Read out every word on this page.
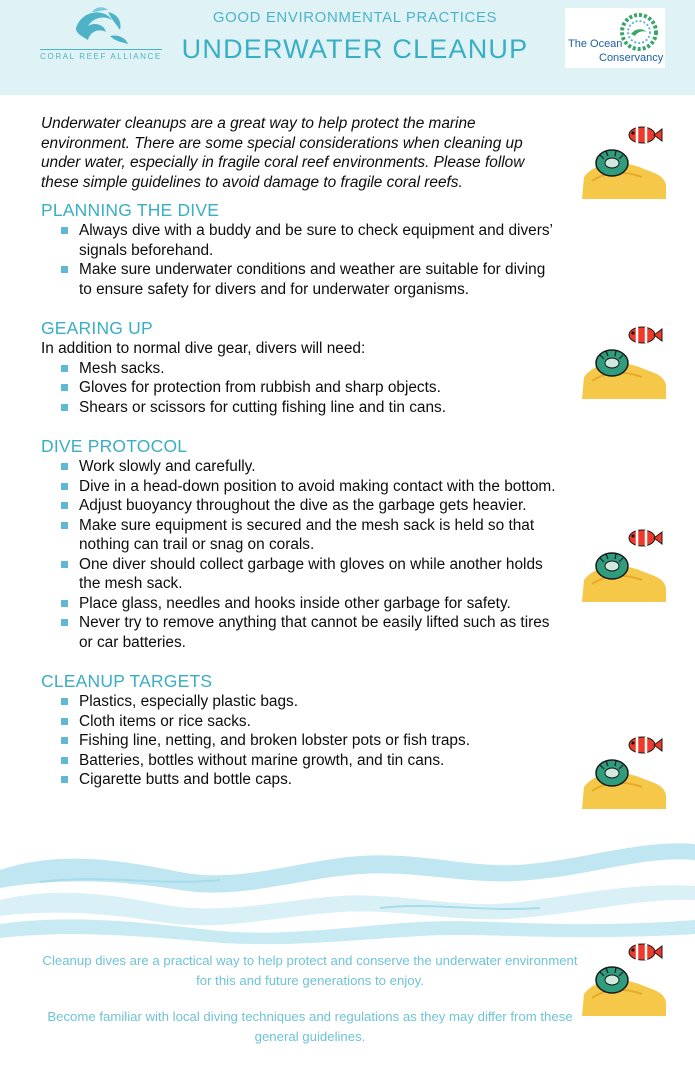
CORAL REEF ALLIANCE
GOOD ENVIRONMENTAL PRACTICES
UNDERWATER CLEANUP	The Ocean
Conservancy

Underwater cleanups are a great way to help protect the marine environment. There are some special considerations when cleaning up under water, especially in fragile coral reef environments. Please follow these simple guidelines to avoid damage to fragile coral reefs.

PLANNING THE DIVE
Always dive with a buddy and be sure to check equipment and divers’ signals beforehand.
Make sure underwater conditions and weather are suitable for diving to ensure safety for divers and for underwater organisms.
GEARING UP

In addition to normal dive gear, divers will need:

Mesh sacks.
Gloves for protection from rubbish and sharp objects.
Shears or scissors for cutting fishing line and tin cans.
DIVE PROTOCOL
Work slowly and carefully.
Dive in a head-down position to avoid making contact with the bottom.
Adjust buoyancy throughout the dive as the garbage gets heavier.
Make sure equipment is secured and the mesh sack is held so that nothing can trail or snag on corals.
One diver should collect garbage with gloves on while another holds the mesh sack.
Place glass, needles and hooks inside other garbage for safety.
Never try to remove anything that cannot be easily lifted such as tires or car batteries.
CLEANUP TARGETS
Plastics, especially plastic bags.
Cloth items or rice sacks.
Fishing line, netting, and broken lobster pots or fish traps.
Batteries, bottles without marine growth, and tin cans.
Cigarette butts and bottle caps.
Cleanup dives are a practical way to help protect and conserve the underwater environment for this and future generations to enjoy.
Become familiar with local diving techniques and regulations as they may differ from these general guidelines.
